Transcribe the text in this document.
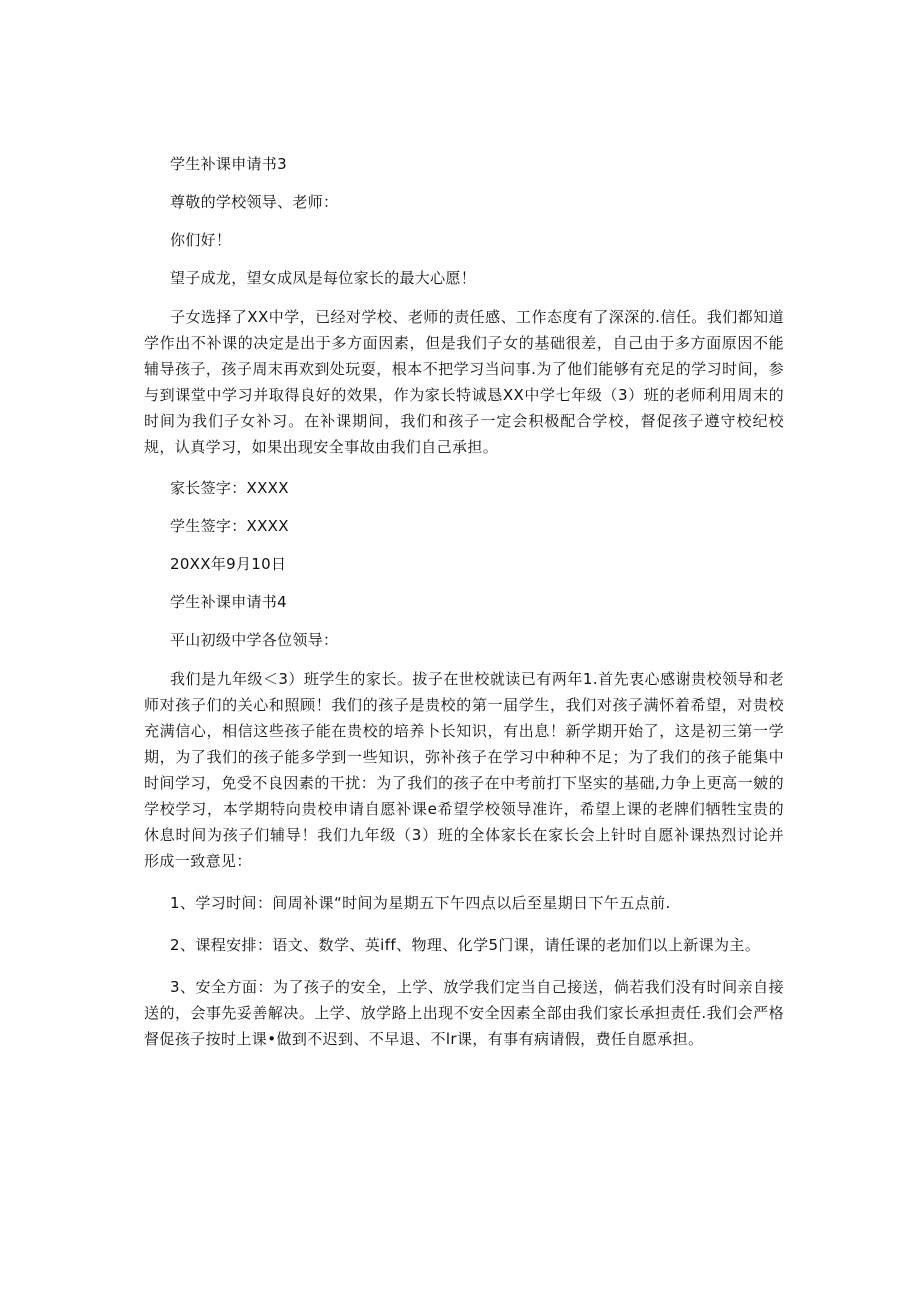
学生补课申请书3

尊敬的学校领导、老师：

你们好！

望子成龙，望女成凤是每位家长的最大心愿！

子女选择了XX中学，已经对学校、老师的责任感、工作态度有了深深的.信任。我们都知道学作出不补课的决定是出于多方面因素，但是我们子女的基础很差，自己由于多方面原因不能辅导孩子，孩子周末再欢到处玩耍，根本不把学习当问事.为了他们能够有充足的学习时间，参与到课堂中学习并取得良好的效果，作为家长特诚恳XX中学七年级（3）班的老师利用周末的时间为我们子女补习。在补课期间，我们和孩子一定会积极配合学校，督促孩子遵守校纪校规，认真学习，如果出现安全事故由我们自己承担。

家长签字：XXXX

学生签字：XXXX

20XX年9月10日

学生补课申请书4

平山初级中学各位领导：

我们是九年级＜3）班学生的家长。拔子在世校就读已有两年1.首先衷心感谢贵校领导和老师对孩子们的关心和照顾！我们的孩子是贵校的第一届学生，我们对孩子满怀着希望，对贵校充满信心，相信这些孩子能在贵校的培养卜长知识，有出息！新学期开始了，这是初三第一学期，为了我们的孩子能多学到一些知识，弥补孩子在学习中种种不足；为了我们的孩子能集中时间学习，免受不良因素的干扰：为了我们的孩子在中考前打下坚实的基础,力争上更高一皴的学校学习，本学期特向贵校申请自愿补课e希望学校领导准许，希望上课的老牌们牺牲宝贵的休息时间为孩子们辅导！我们九年级（3）班的全体家长在家长会上针时自愿补课热烈讨论并形成一致意见：

1、学习时间：间周补课“时间为星期五下午四点以后至星期日下午五点前.

2、课程安排：语文、数学、英iff、物理、化学5门课，请任课的老加们以上新课为主。

3、安全方面：为了孩子的安全，上学、放学我们定当自己接送，倘若我们没有时间亲自接送的，会事先妥善解决。上学、放学路上出现不安全因素全部由我们家长承担责任.我们会严格督促孩子按时上课•做到不迟到、不早退、不lr课，有事有病请假，费任自愿承担。
